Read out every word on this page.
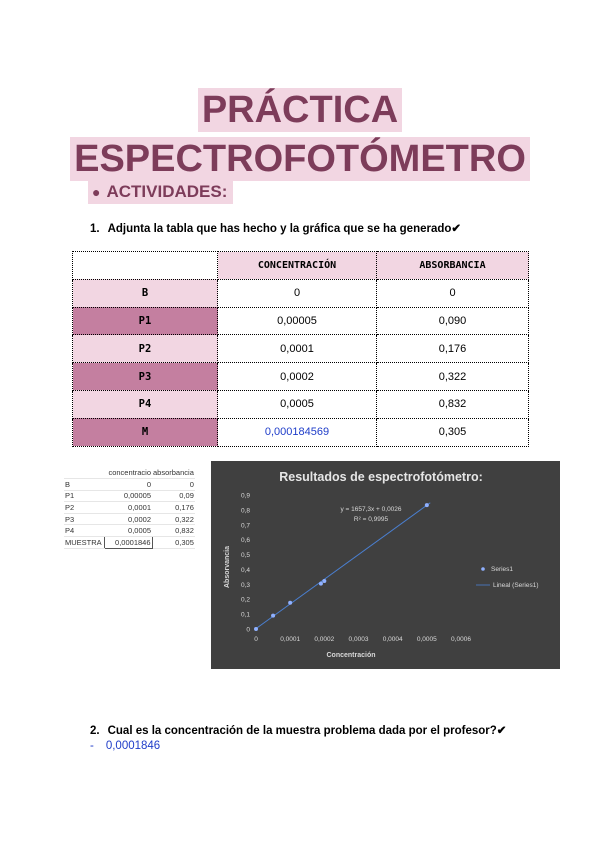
PRÁCTICA
ESPECTROFOTÓMETRO
● ACTIVIDADES:
1. Adjunta la tabla que has hecho y la gráfica que se ha generado✔
	CONCENTRACIÓN	ABSORBANCIA
B	0	0
P1	0,00005	0,090
P2	0,0001	0,176
P3	0,0002	0,322
P4	0,0005	0,832
M	0,000184569	0,305
	concentracio	absorbancia
B	0	0
P1	0,00005	0,09
P2	0,0001	0,176
P3	0,0002	0,322
P4	0,0005	0,832
MUESTRA	0,0001846	0,305
Resultados de espectrofotómetro:
y = 1657,3x + 0,0026
R² = 0,9995
Concentración
Absorvancia	Series1
Lineal (Series1)
0
0,1
0,2
0,3
0,4
0,5
0,6
0,7
0,8
0,9
0	0,0001 0,0002 0,0003 0,0004 0,0005 0,0006
2. Cual es la concentración de la muestra problema dada por el profesor?✔
- 0,0001846
